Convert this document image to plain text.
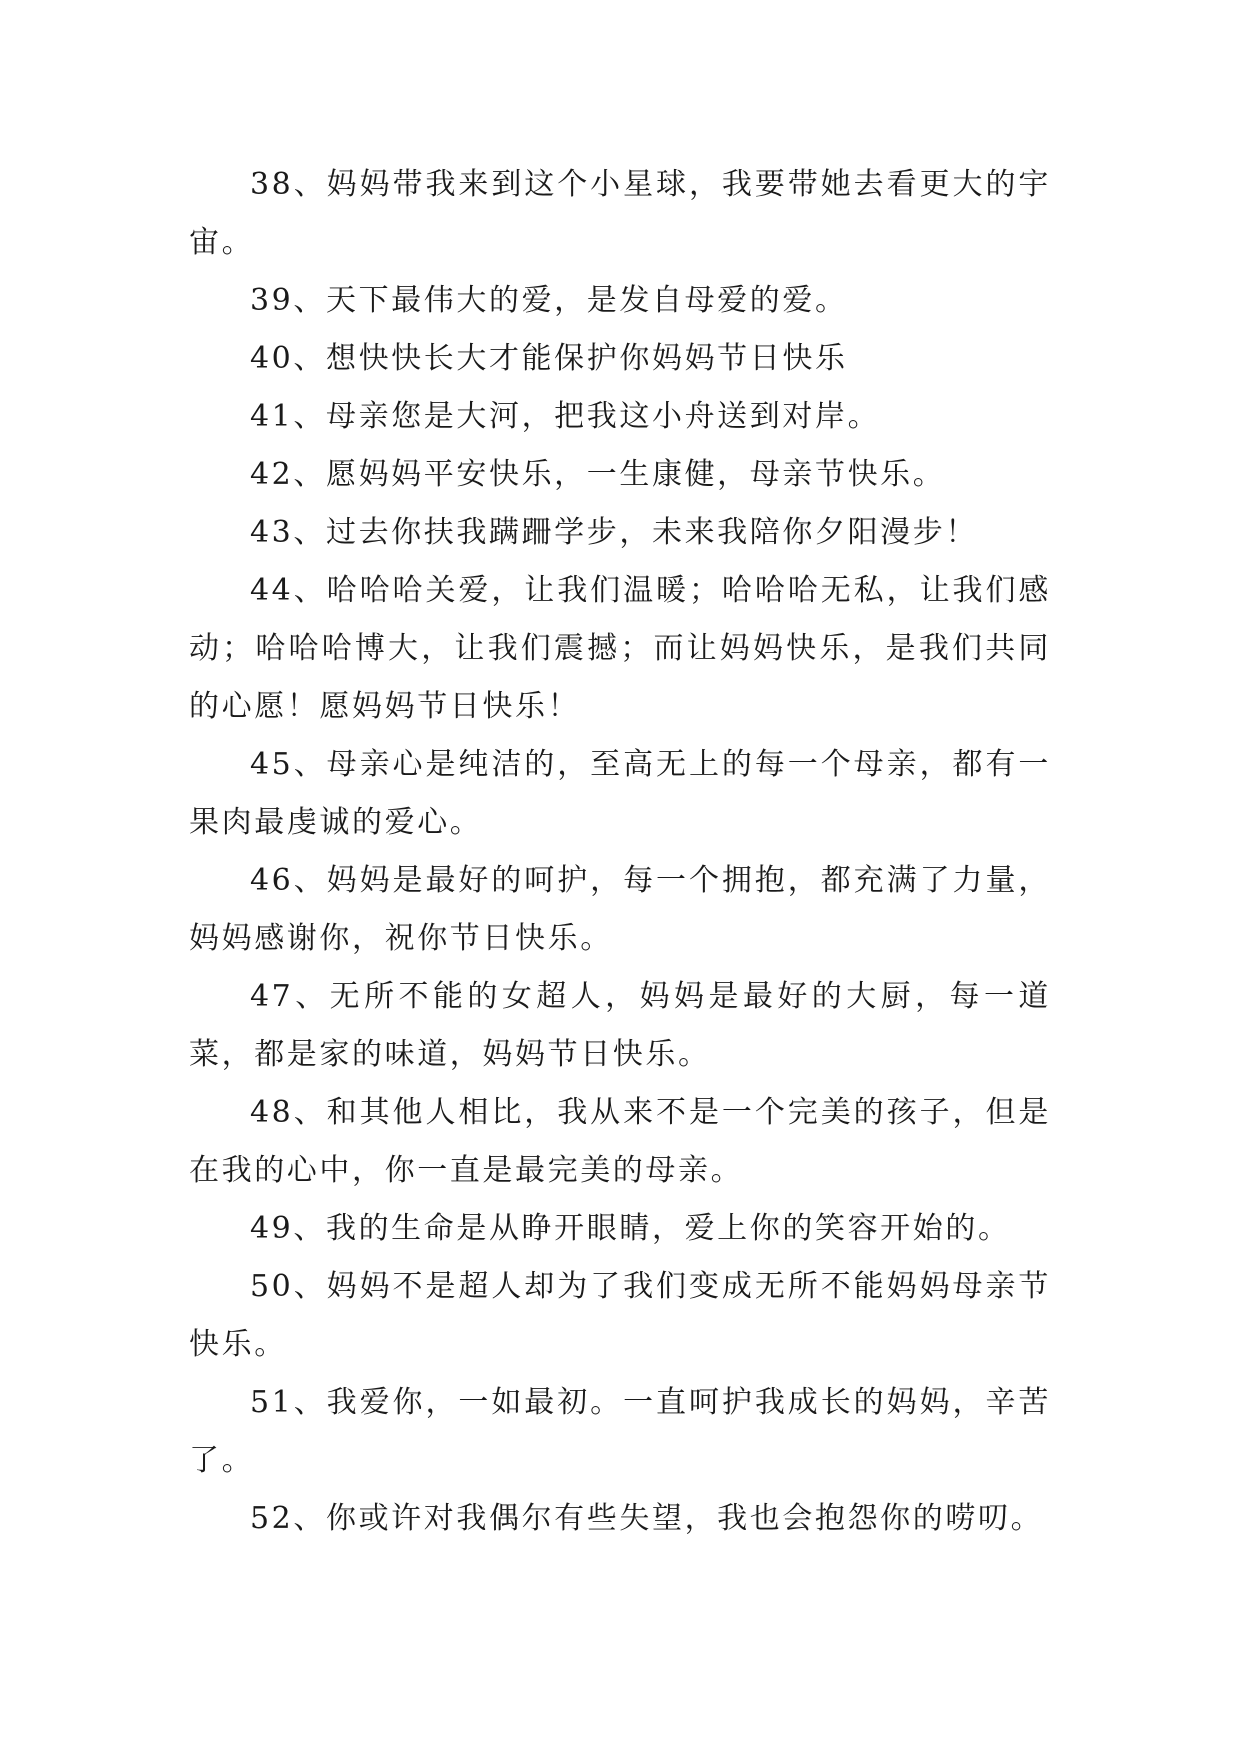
38、妈妈带我来到这个小星球，我要带她去看更大的宇宙。

39、天下最伟大的爱，是发自母爱的爱。

40、想快快长大才能保护你妈妈节日快乐

41、母亲您是大河，把我这小舟送到对岸。

42、愿妈妈平安快乐，一生康健，母亲节快乐。

43、过去你扶我蹒跚学步，未来我陪你夕阳漫步！

44、哈哈哈关爱，让我们温暖；哈哈哈无私，让我们感动；哈哈哈博大，让我们震撼；而让妈妈快乐，是我们共同的心愿！愿妈妈节日快乐！

45、母亲心是纯洁的，至高无上的每一个母亲，都有一果肉最虔诚的爱心。

46、妈妈是最好的呵护，每一个拥抱，都充满了力量，妈妈感谢你，祝你节日快乐。

47、无所不能的女超人，妈妈是最好的大厨，每一道菜，都是家的味道，妈妈节日快乐。

48、和其他人相比，我从来不是一个完美的孩子，但是在我的心中，你一直是最完美的母亲。

49、我的生命是从睁开眼睛，爱上你的笑容开始的。

50、妈妈不是超人却为了我们变成无所不能妈妈母亲节快乐。

51、我爱你，一如最初。一直呵护我成长的妈妈，辛苦了。

52、你或许对我偶尔有些失望，我也会抱怨你的唠叨。
